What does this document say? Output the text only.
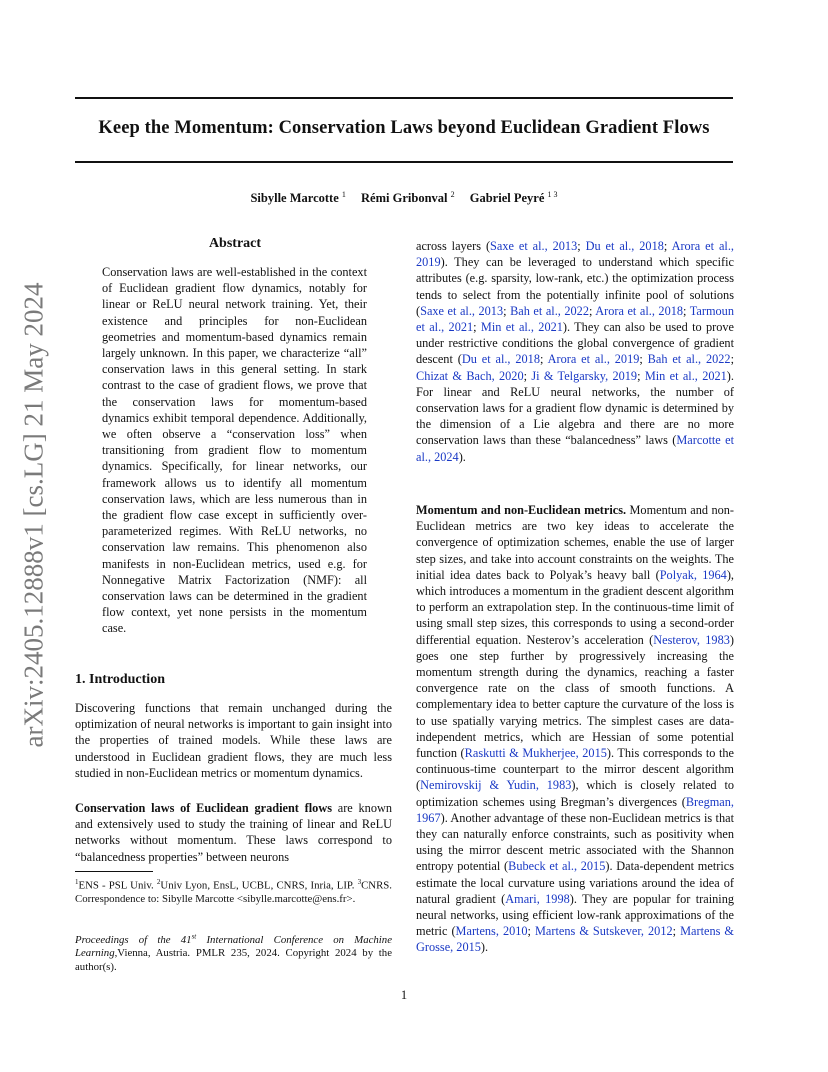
Keep the Momentum: Conservation Laws beyond Euclidean Gradient Flows
Sibylle Marcotte $^1$ Rémi Gribonval $^2$ Gabriel Peyré $^{1 3}$
arXiv:2405.12888v1 [cs.LG] 21 May 2024
Abstract
Conservation laws are well-established in the context of Euclidean gradient flow dynamics, notably for linear or ReLU neural network training. Yet, their existence and principles for non-Euclidean geometries and momentum-based dynamics remain largely unknown. In this paper, we characterize “all” conservation laws in this general setting. In stark contrast to the case of gradient flows, we prove that the conservation laws for momentum-based dynamics exhibit temporal dependence. Additionally, we often observe a “conservation loss” when transitioning from gradient flow to momentum dynamics. Specifically, for linear networks, our framework allows us to identify all momentum conservation laws, which are less numerous than in the gradient flow case except in sufficiently over-parameterized regimes. With ReLU networks, no conservation law remains. This phenomenon also manifests in non-Euclidean metrics, used e.g. for Nonnegative Matrix Factorization (NMF): all conservation laws can be determined in the gradient flow context, yet none persists in the momentum case.
1. Introduction
Discovering functions that remain unchanged during the optimization of neural networks is important to gain insight into the properties of trained models. While these laws are understood in Euclidean gradient flows, they are much less studied in non-Euclidean metrics or momentum dynamics.
Conservation laws of Euclidean gradient flows are known and extensively used to study the training of linear and ReLU networks without momentum. These laws correspond to “balancedness properties” between neurons
$^1$ENS - PSL Univ. $^2$Univ Lyon, EnsL, UCBL, CNRS, Inria, LIP. $^3$CNRS. Correspondence to: Sibylle Marcotte <sibylle.marcotte@ens.fr>.
Proceedings of the 41st International Conference on Machine Learning,Vienna, Austria. PMLR 235, 2024. Copyright 2024 by the author(s).
across layers (Saxe et al., 2013; Du et al., 2018; Arora et al., 2019). They can be leveraged to understand which specific attributes (e.g. sparsity, low-rank, etc.) the optimization process tends to select from the potentially infinite pool of solutions (Saxe et al., 2013; Bah et al., 2022; Arora et al., 2018; Tarmoun et al., 2021; Min et al., 2021). They can also be used to prove under restrictive conditions the global convergence of gradient descent (Du et al., 2018; Arora et al., 2019; Bah et al., 2022; Chizat & Bach, 2020; Ji & Telgarsky, 2019; Min et al., 2021). For linear and ReLU neural networks, the number of conservation laws for a gradient flow dynamic is determined by the dimension of a Lie algebra and there are no more conservation laws than these “balancedness” laws (Marcotte et al., 2024).
Momentum and non-Euclidean metrics. Momentum and non-Euclidean metrics are two key ideas to accelerate the convergence of optimization schemes, enable the use of larger step sizes, and take into account constraints on the weights. The initial idea dates back to Polyak’s heavy ball (Polyak, 1964), which introduces a momentum in the gradient descent algorithm to perform an extrapolation step. In the continuous-time limit of using small step sizes, this corresponds to using a second-order differential equation. Nesterov’s acceleration (Nesterov, 1983) goes one step further by progressively increasing the momentum strength during the dynamics, reaching a faster convergence rate on the class of smooth functions. A complementary idea to better capture the curvature of the loss is to use spatially varying metrics. The simplest cases are data-independent metrics, which are Hessian of some potential function (Raskutti & Mukherjee, 2015). This corresponds to the continuous-time counterpart to the mirror descent algorithm (Nemirovskij & Yudin, 1983), which is closely related to optimization schemes using Bregman’s divergences (Bregman, 1967). Another advantage of these non-Euclidean metrics is that they can naturally enforce constraints, such as positivity when using the mirror descent metric associated with the Shannon entropy potential (Bubeck et al., 2015). Data-dependent metrics estimate the local curvature using variations around the idea of natural gradient (Amari, 1998). They are popular for training neural networks, using efficient low-rank approximations of the metric (Martens, 2010; Martens & Sutskever, 2012; Martens & Grosse, 2015).
1
